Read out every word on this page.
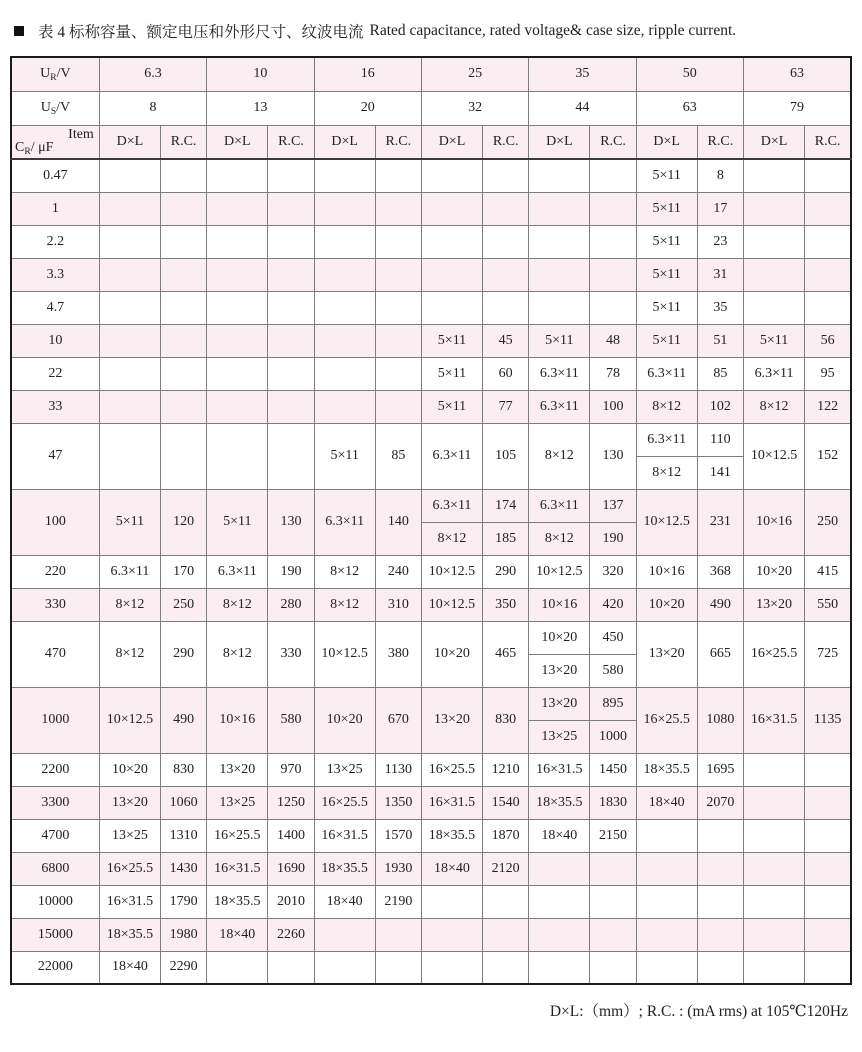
表 4 标称容量、额定电压和外形尺寸、纹波电流 Rated capacitance, rated voltage& case size, ripple current.
$U_R/V$	6.3		10		16		25		35		50		63	
$U_S/V$	8		13		20		32		44		63		79	

Item
$C_R/$ μF	D×L	R.C.	D×L	R.C.	D×L	R.C.	D×L	R.C.	D×L	R.C.	D×L	R.C.	D×L	R.C.
0.47											5×11	8		
1											5×11	17		
2.2											5×11	23		
3.3											5×11	31		
4.7											5×11	35		
10							5×11	45	5×11	48	5×11	51	5×11	56
22							5×11	60	6.3×11	78	6.3×11	85	6.3×11	95
33							5×11	77	6.3×11	100	8×12	102	8×12	122
47					5×11	85	6.3×11	105	8×12	130	6.3×11	110	10×12.5	152
											8×12	141		
100	5×11	120	5×11	130	6.3×11	140	6.3×11	174	6.3×11	137	10×12.5	231	10×16	250
							8×12	185	8×12	190				
220	6.3×11	170	6.3×11	190	8×12	240	10×12.5	290	10×12.5	320	10×16	368	10×20	415
330	8×12	250	8×12	280	8×12	310	10×12.5	350	10×16	420	10×20	490	13×20	550
470	8×12	290	8×12	330	10×12.5	380	10×20	465	10×20	450	13×20	665	16×25.5	725
									13×20	580				
1000	10×12.5	490	10×16	580	10×20	670	13×20	830	13×20	895	16×25.5	1080	16×31.5	1135
									13×25	1000				
2200	10×20	830	13×20	970	13×25	1130	16×25.5	1210	16×31.5	1450	18×35.5	1695		
3300	13×20	1060	13×25	1250	16×25.5	1350	16×31.5	1540	18×35.5	1830	18×40	2070		
4700	13×25	1310	16×25.5	1400	16×31.5	1570	18×35.5	1870	18×40	2150				
6800	16×25.5	1430	16×31.5	1690	18×35.5	1930	18×40	2120						
10000	16×31.5	1790	18×35.5	2010	18×40	2190								
15000	18×35.5	1980	18×40	2260										
22000	18×40	2290												
D×L:（mm）; R.C. : (mA rms) at 105℃120Hz
